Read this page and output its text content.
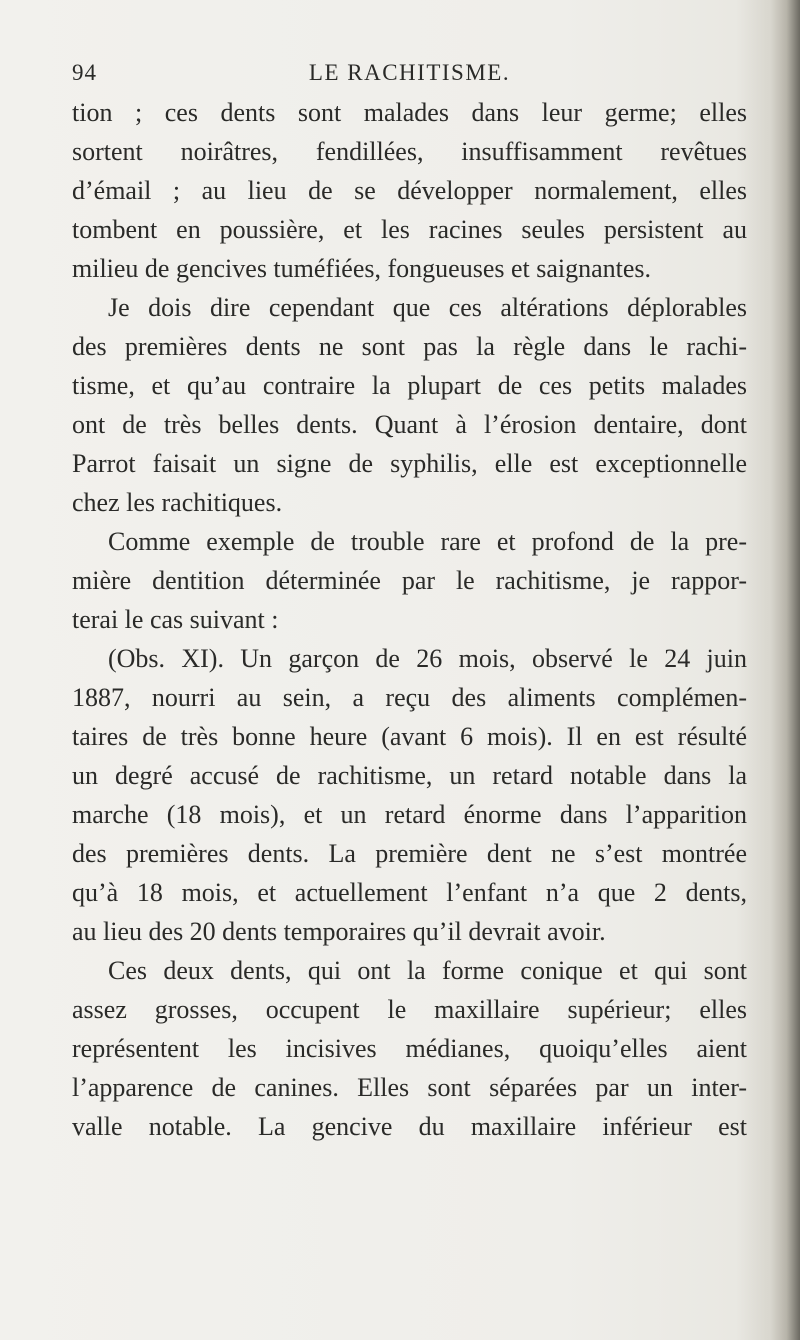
94	LE RACHITISME.
tion ; ces dents sont malades dans leur germe; elles
sortent noirâtres, fendillées, insuffisamment revêtues
d’émail ; au lieu de se développer normalement, elles
tombent en poussière, et les racines seules persistent au
milieu de gencives tuméfiées, fongueuses et saignantes.
Je dois dire cependant que ces altérations déplorables
des premières dents ne sont pas la règle dans le rachi-
tisme, et qu’au contraire la plupart de ces petits malades
ont de très belles dents. Quant à l’érosion dentaire, dont
Parrot faisait un signe de syphilis, elle est exceptionnelle
chez les rachitiques.
Comme exemple de trouble rare et profond de la pre-
mière dentition déterminée par le rachitisme, je rappor-
terai le cas suivant :
(Obs. XI). Un garçon de 26 mois, observé le 24 juin
1887, nourri au sein, a reçu des aliments complémen-
taires de très bonne heure (avant 6 mois). Il en est résulté
un degré accusé de rachitisme, un retard notable dans la
marche (18 mois), et un retard énorme dans l’apparition
des premières dents. La première dent ne s’est montrée
qu’à 18 mois, et actuellement l’enfant n’a que 2 dents,
au lieu des 20 dents temporaires qu’il devrait avoir.
Ces deux dents, qui ont la forme conique et qui sont
assez grosses, occupent le maxillaire supérieur; elles
représentent les incisives médianes, quoiqu’elles aient
l’apparence de canines. Elles sont séparées par un inter-
valle notable. La gencive du maxillaire inférieur est
